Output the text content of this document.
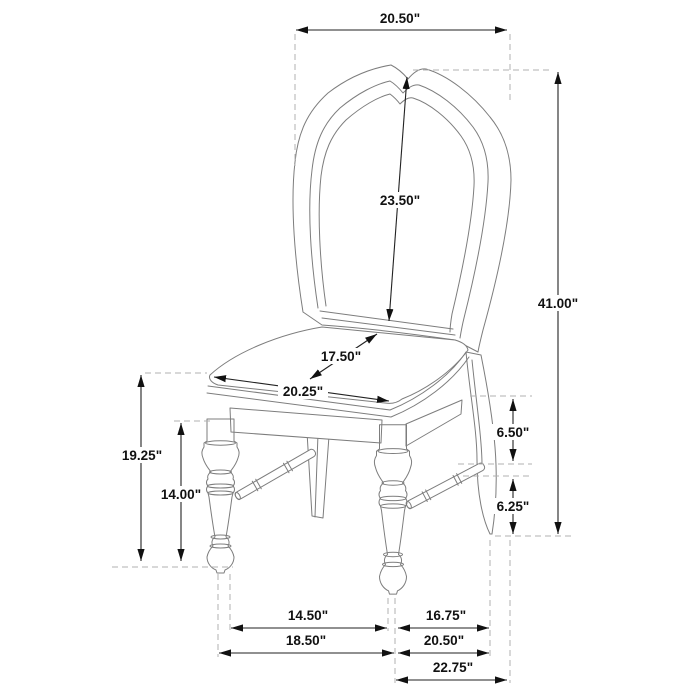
20.50"
41.00"
23.50"
17.50"
20.25"
19.25"
14.00"
6.50"
6.25"
14.50"
18.50"
16.75"
20.50"
22.75"
